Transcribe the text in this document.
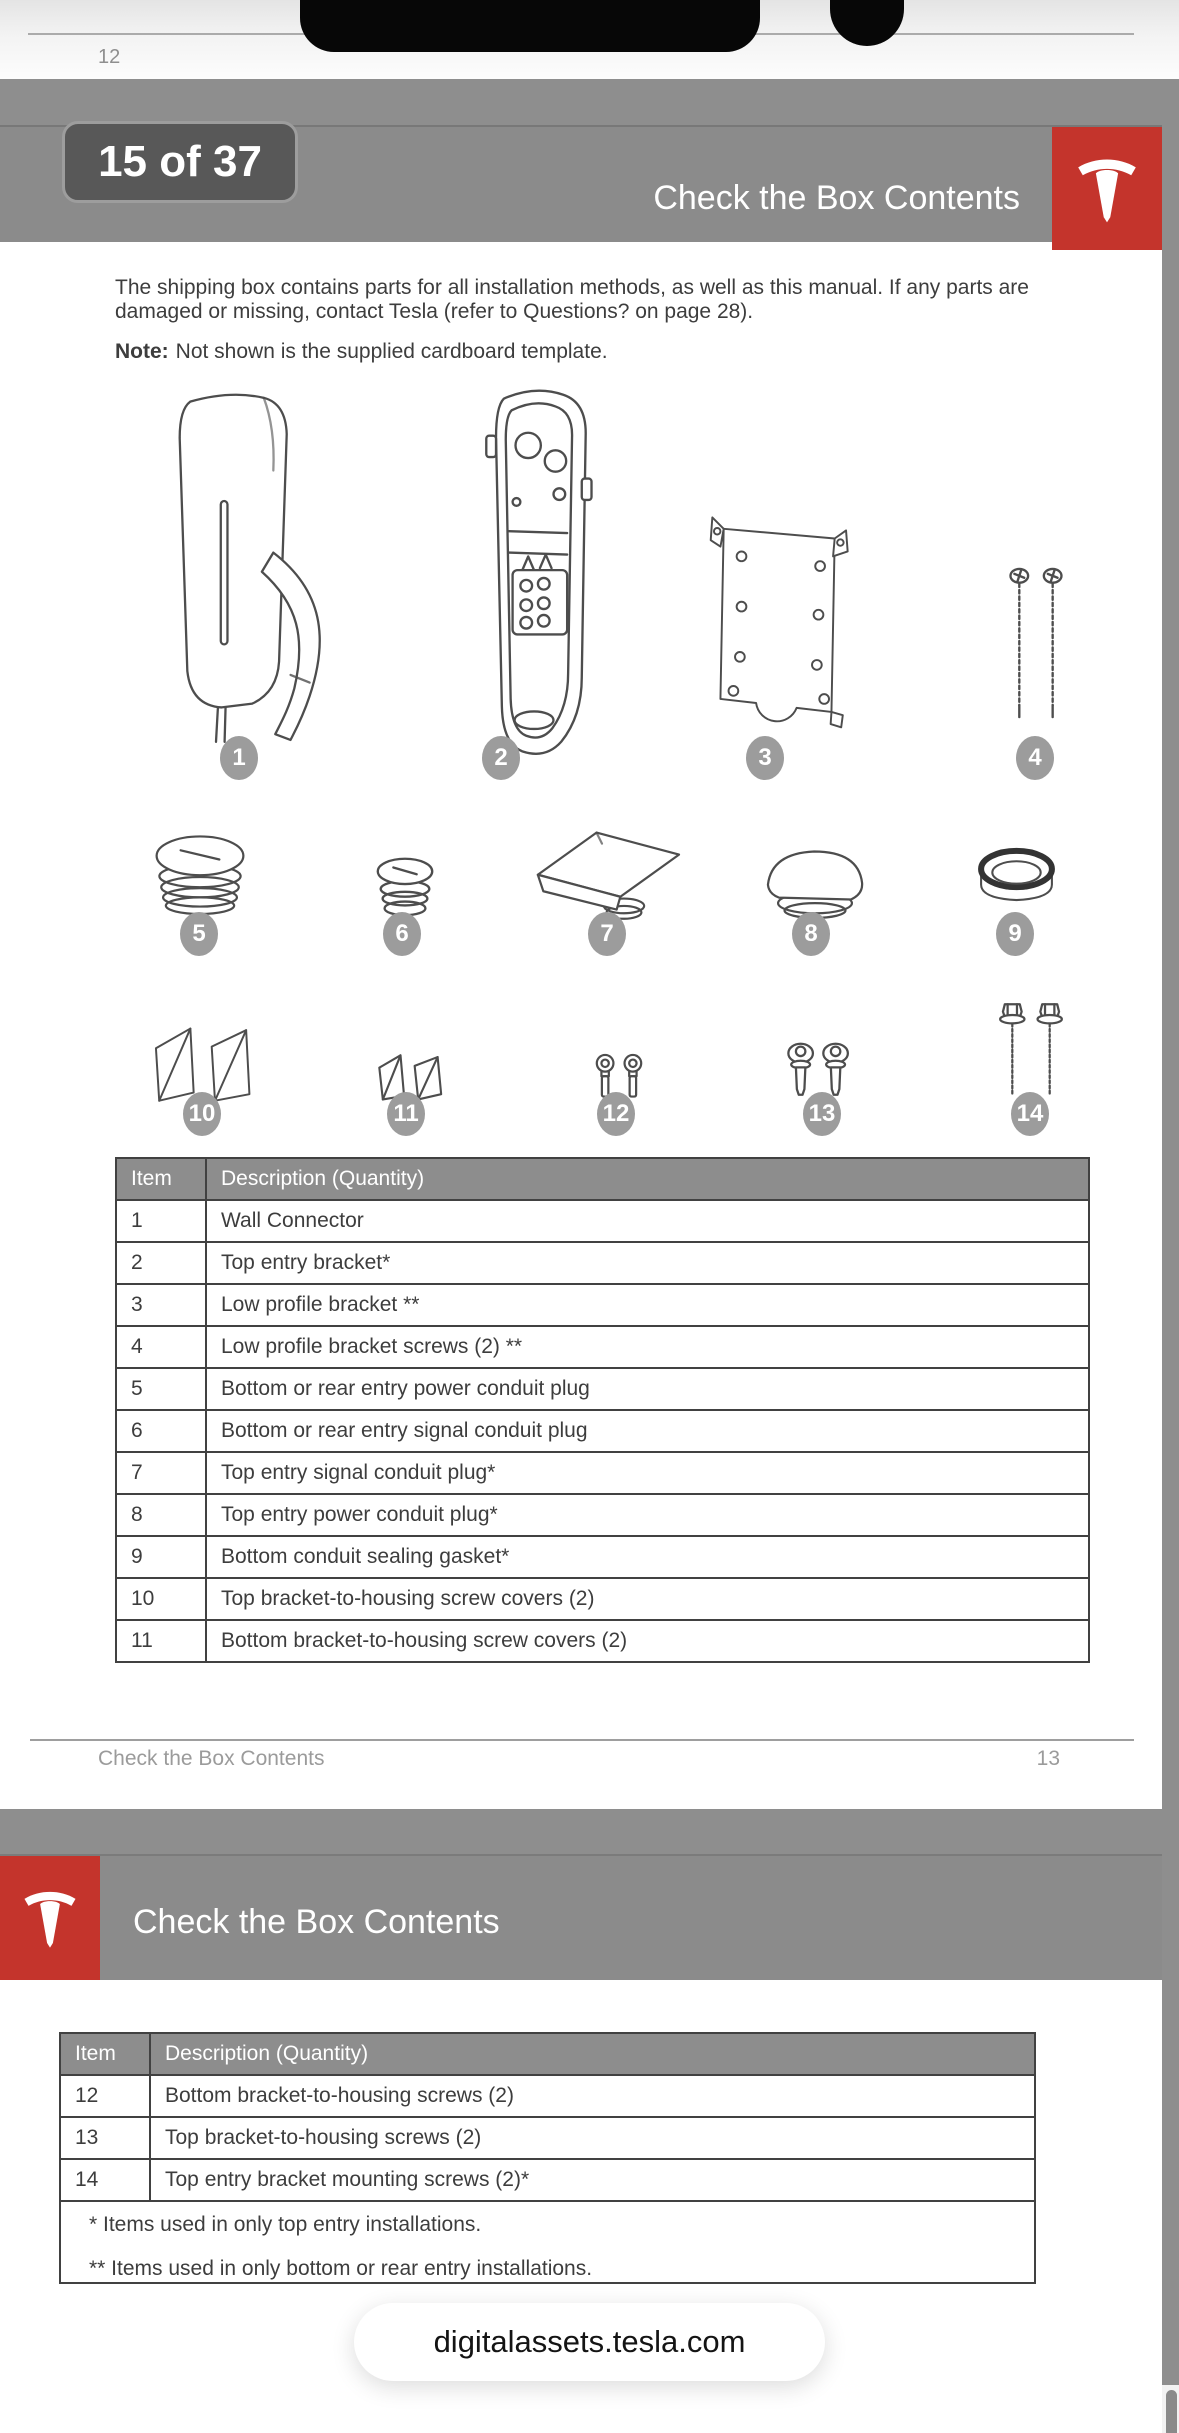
12
15 of 37
Check the Box Contents
The shipping box contains parts for all installation methods, as well as this manual. If any parts are
damaged or missing, contact Tesla (refer to Questions? on page 28).
Note: Not shown is the supplied cardboard template.
1	2	3	4
5	6	7	8	9
10	11	12	13	14
Item	Description (Quantity)
1	Wall Connector
2	Top entry bracket*
3	Low profile bracket **
4	Low profile bracket screws (2) **
5	Bottom or rear entry power conduit plug
6	Bottom or rear entry signal conduit plug
7	Top entry signal conduit plug*
8	Top entry power conduit plug*
9	Bottom conduit sealing gasket*
10	Top bracket-to-housing screw covers (2)
11	Bottom bracket-to-housing screw covers (2)
Check the Box Contents	13
Check the Box Contents
Item	Description (Quantity)
12	Bottom bracket-to-housing screws (2)
13	Top bracket-to-housing screws (2)
14	Top entry bracket mounting screws (2)*

* Items used in only top entry installations.
** Items used in only bottom or rear entry installations.	
digitalassets.tesla.com
